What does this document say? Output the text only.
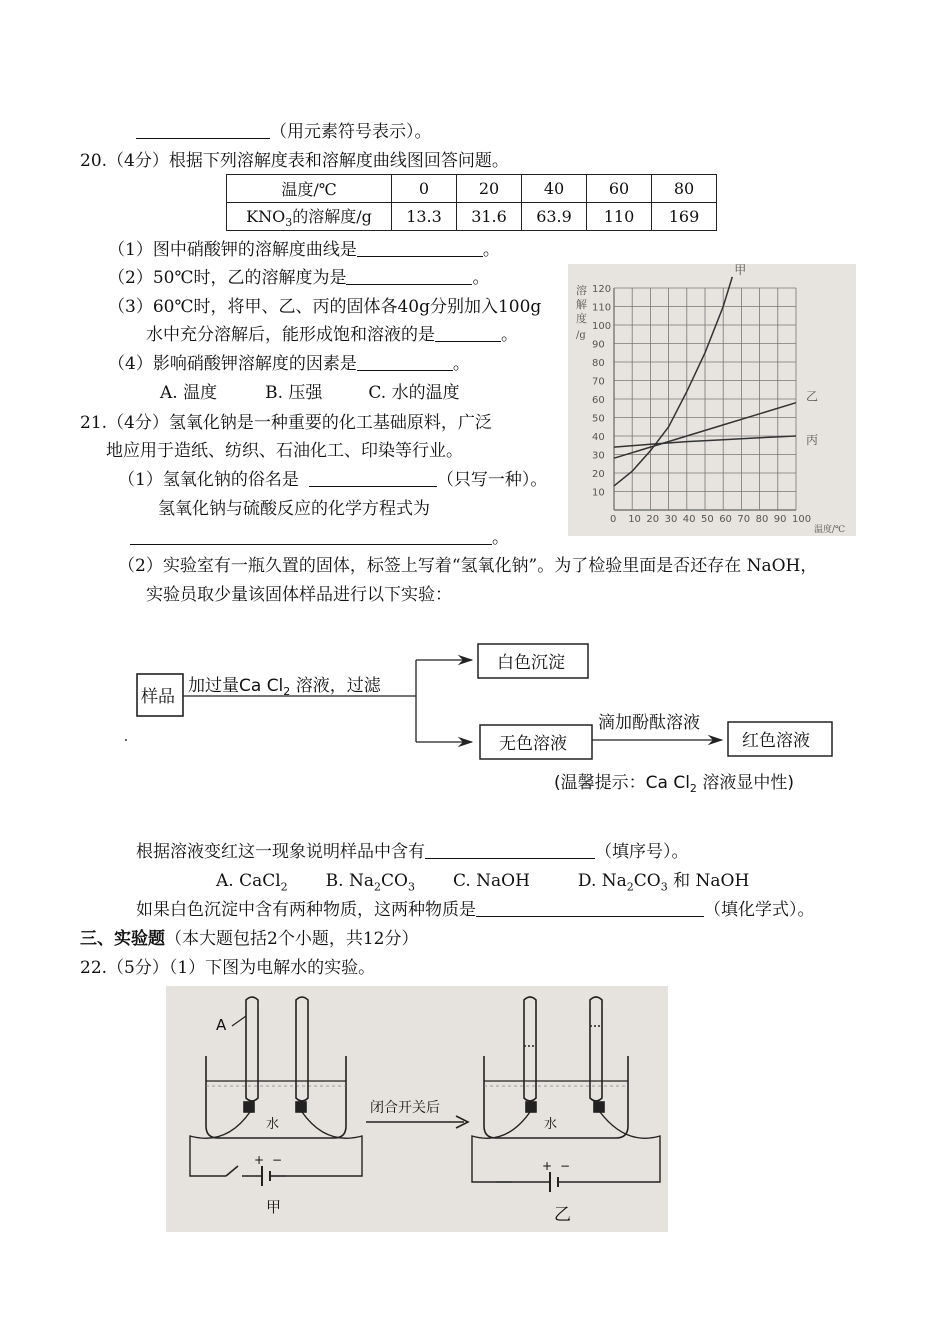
（用元素符号表示）。
20.（4分）根据下列溶解度表和溶解度曲线图回答问题。
温度/℃	0	20	40	60	80
$KNO_3$的溶解度/g	13.3	31.6	63.9	110	169
（1）图中硝酸钾的溶解度曲线是	。
（2）50℃时，乙的溶解度为是	。
（3）60℃时，将甲、乙、丙的固体各40g分别加入100g
水中充分溶解后，能形成饱和溶液的是	。
（4）影响硝酸钾溶解度的因素是	。
A. 温度	B. 压强	C. 水的温度
0 10 20 30 40 50 60 70 80 90 100
10
20
30
40
50
60
70
80
90
100
110
120
甲
乙
丙
溶
解
度
/g
温度/℃
21.（4分）氢氧化钠是一种重要的化工基础原料，广泛
地应用于造纸、纺织、石油化工、印染等行业。
（1）氢氧化钠的俗名是	（只写一种）。
氢氧化钠与硫酸反应的化学方程式为
。
（2）实验室有一瓶久置的固体，标签上写着“氢氧化钠”。为了检验里面是否还存在 NaOH，
实验员取少量该固体样品进行以下实验：
样品
加过量Ca $Cl_2$ 溶液，过滤
白色沉淀
无色溶液
滴加酚酞溶液
红色溶液
(温馨提示：Ca $Cl_2$ 溶液显中性)
根据溶液变红这一现象说明样品中含有	（填序号）。
A. CaCl$_2$ B. $Na_2CO_3$ C. NaOH	D. $Na_2CO_3$ 和 NaOH
如果白色沉淀中含有两种物质，这两种物质是	（填化学式）。
三、实验题（本大题包括2个小题，共12分）
22.（5分）（1）下图为电解水的实验。
A
水	水
闭合开关后
+ −	+ −
甲	乙
